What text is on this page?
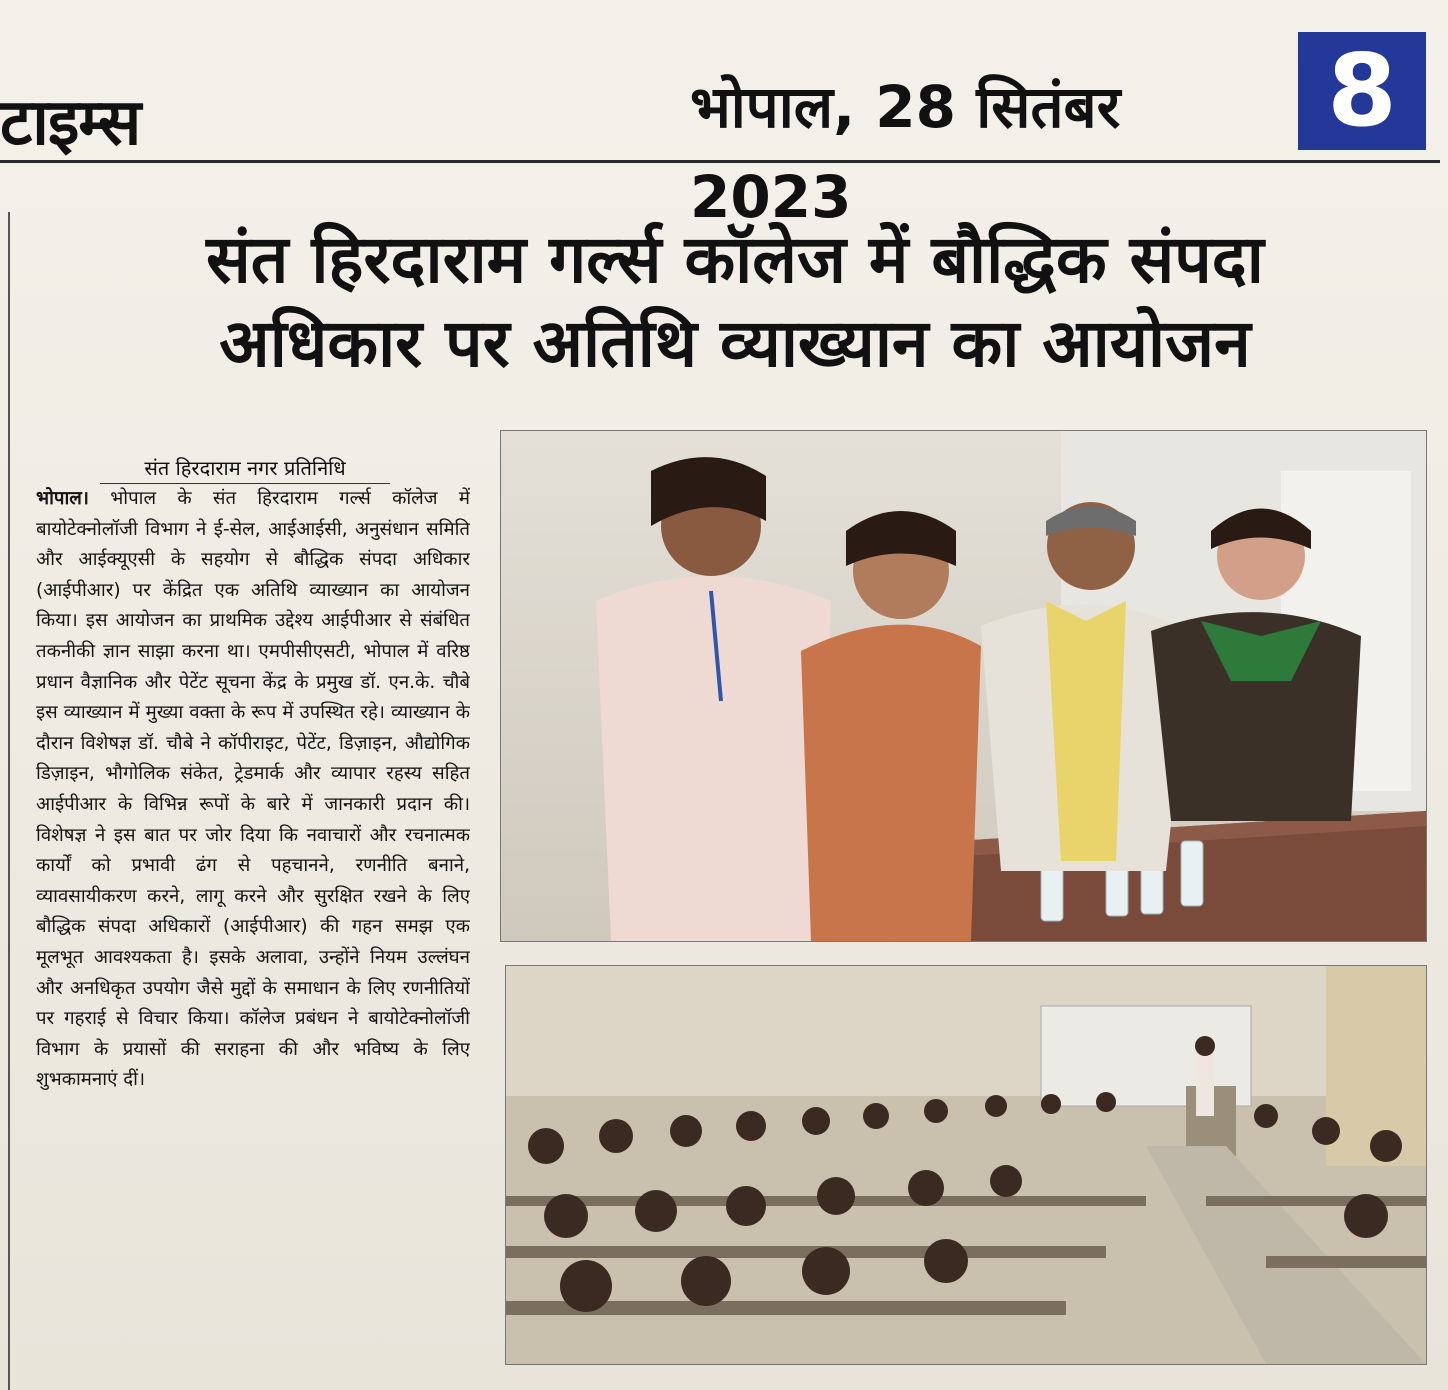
टाइम्स	भोपाल, 28 सितंबर 2023
8
संत हिरदाराम गर्ल्स कॉलेज में बौद्धिक संपदा
अधिकार पर अतिथि व्याख्यान का आयोजन
संत हिरदाराम नगर प्रतिनिधि
भोपाल। भोपाल के संत हिरदाराम गर्ल्स कॉलेज में बायोटेक्नोलॉजी विभाग ने ई-सेल, आईआईसी, अनुसंधान समिति और आईक्यूएसी के सहयोग से बौद्धिक संपदा अधिकार (आईपीआर) पर केंद्रित एक अतिथि व्याख्यान का आयोजन किया। इस आयोजन का प्राथमिक उद्देश्य आईपीआर से संबंधित तकनीकी ज्ञान साझा करना था। एमपीसीएसटी, भोपाल में वरिष्ठ प्रधान वैज्ञानिक और पेटेंट सूचना केंद्र के प्रमुख डॉ. एन.के. चौबे इस व्याख्यान में मुख्या वक्ता के रूप में उपस्थित रहे। व्याख्यान के दौरान विशेषज्ञ डॉ. चौबे ने कॉपीराइट, पेटेंट, डिज़ाइन, औद्योगिक डिज़ाइन, भौगोलिक संकेत, ट्रेडमार्क और व्यापार रहस्य सहित आईपीआर के विभिन्न रूपों के बारे में जानकारी प्रदान की। विशेषज्ञ ने इस बात पर जोर दिया कि नवाचारों और रचनात्मक कार्यों को प्रभावी ढंग से पहचानने, रणनीति बनाने, व्यावसायीकरण करने, लागू करने और सुरक्षित रखने के लिए बौद्धिक संपदा अधिकारों (आईपीआर) की गहन समझ एक मूलभूत आवश्यकता है। इसके अलावा, उन्होंने नियम उल्लंघन और अनधिकृत उपयोग जैसे मुद्दों के समाधान के लिए रणनीतियों पर गहराई से विचार किया। कॉलेज प्रबंधन ने बायोटेक्नोलॉजी विभाग के प्रयासों की सराहना की और भविष्य के लिए शुभकामनाएं दीं।
